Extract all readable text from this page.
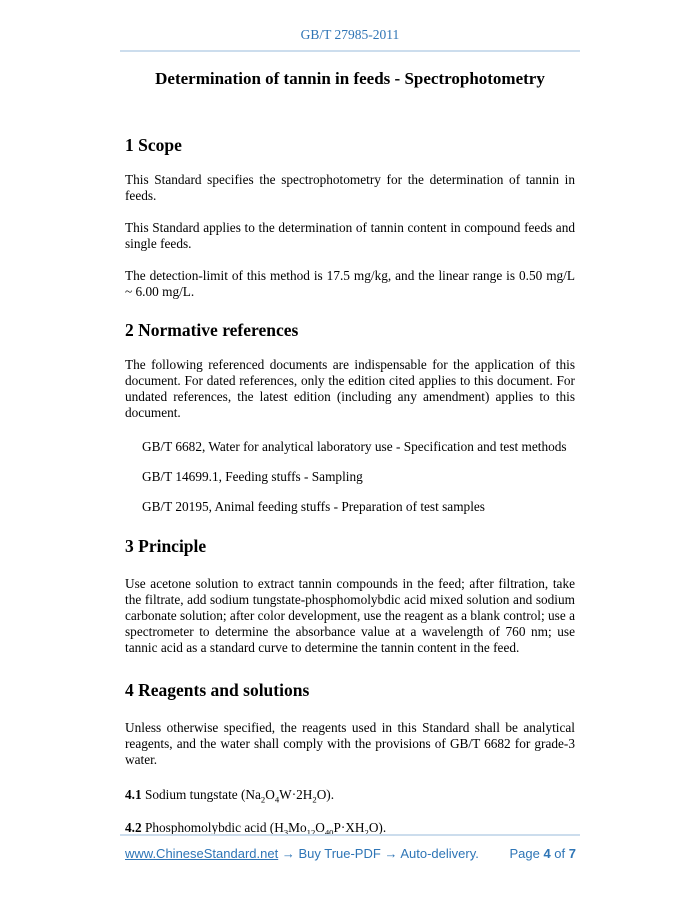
GB/T 27985-2011
Determination of tannin in feeds - Spectrophotometry
1 Scope

This Standard specifies the spectrophotometry for the determination of tannin in feeds.

This Standard applies to the determination of tannin content in compound feeds and single feeds.

The detection-limit of this method is 17.5 mg/kg, and the linear range is 0.50 mg/L ~ 6.00 mg/L.

2 Normative references

The following referenced documents are indispensable for the application of this document. For dated references, only the edition cited applies to this document. For undated references, the latest edition (including any amendment) applies to this document.

GB/T 6682, Water for analytical laboratory use - Specification and test methods

GB/T 14699.1, Feeding stuffs - Sampling

GB/T 20195, Animal feeding stuffs - Preparation of test samples

3 Principle

Use acetone solution to extract tannin compounds in the feed; after filtration, take the filtrate, add sodium tungstate-phosphomolybdic acid mixed solution and sodium carbonate solution; after color development, use the reagent as a blank control; use a spectrometer to determine the absorbance value at a wavelength of 760 nm; use tannic acid as a standard curve to determine the tannin content in the feed.

4 Reagents and solutions

Unless otherwise specified, the reagents used in this Standard shall be analytical reagents, and the water shall comply with the provisions of GB/T 6682 for grade-3 water.

4.1 Sodium tungstate $(Na_2O_4W\cdot 2H_2O)$.

4.2 Phosphomolybdic acid $(H_3Mo_{12}O_{40}P\cdot XH_2O)$.

www.ChineseStandard.net → Buy True-PDF → Auto-delivery. Page 4 of 7
